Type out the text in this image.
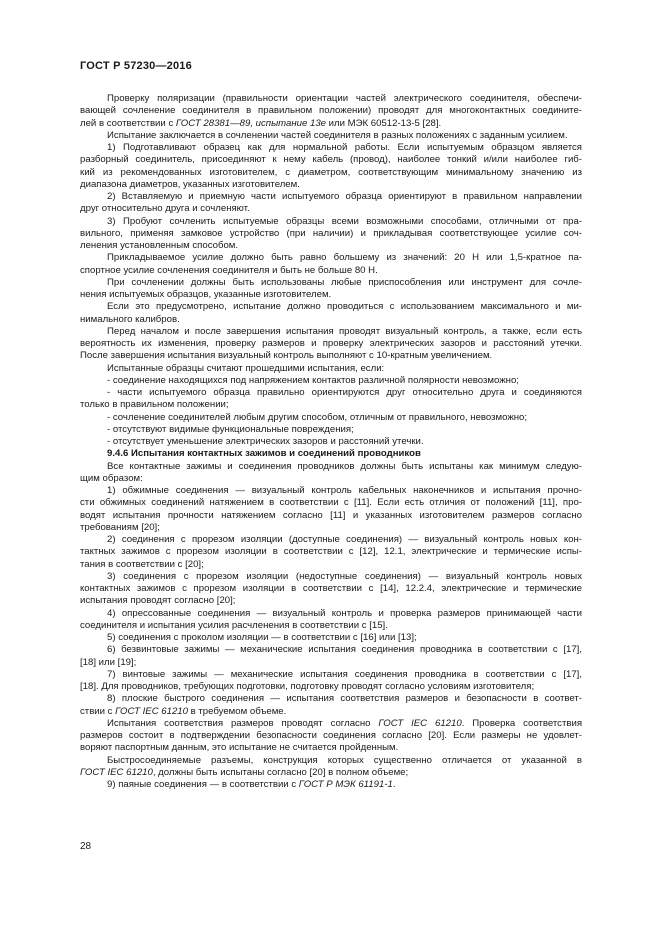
ГОСТ Р 57230—2016
Проверку поляризации (правильности ориентации частей электрического соединителя, обеспечи-
вающей сочленение соединителя в правильном положении) проводят для многоконтактных соедините-
лей в соответствии с ГОСТ 28381—89, испытание 13е или МЭК 60512-13-5 [28].
Испытание заключается в сочленении частей соединителя в разных положениях с заданным усилием.
1) Подготавливают образец как для нормальной работы. Если испытуемым образцом является
разборный соединитель, присоединяют к нему кабель (провод), наиболее тонкий и/или наиболее гиб-
кий из рекомендованных изготовителем, с диаметром, соответствующим минимальному значению из
диапазона диаметров, указанных изготовителем.
2) Вставляемую и приемную части испытуемого образца ориентируют в правильном направлении
друг относительно друга и сочленяют.
3) Пробуют сочленить испытуемые образцы всеми возможными способами, отличными от пра-
вильного, применяя замковое устройство (при наличии) и прикладывая соответствующее усилие соч-
ленения установленным способом.
Прикладываемое усилие должно быть равно большему из значений: 20 Н или 1,5-кратное па-
спортное усилие сочленения соединителя и быть не больше 80 Н.
При сочленении должны быть использованы любые приспособления или инструмент для сочле-
нения испытуемых образцов, указанные изготовителем.
Если это предусмотрено, испытание должно проводиться с использованием максимального и ми-
нимального калибров.
Перед началом и после завершения испытания проводят визуальный контроль, а также, если есть
вероятность их изменения, проверку размеров и проверку электрических зазоров и расстояний утечки.
После завершения испытания визуальный контроль выполняют с 10-кратным увеличением.
Испытанные образцы считают прошедшими испытания, если:
- соединение находящихся под напряжением контактов различной полярности невозможно;
- части испытуемого образца правильно ориентируются друг относительно друга и соединяются
только в правильном положении;
- сочленение соединителей любым другим способом, отличным от правильного, невозможно;
- отсутствуют видимые функциональные повреждения;
- отсутствует уменьшение электрических зазоров и расстояний утечки.
9.4.6 Испытания контактных зажимов и соединений проводников
Все контактные зажимы и соединения проводников должны быть испытаны как минимум следую-
щим образом:
1) обжимные соединения — визуальный контроль кабельных наконечников и испытания прочно-
сти обжимных соединений натяжением в соответствии с [11]. Если есть отличия от положений [11], про-
водят испытания прочности натяжением согласно [11] и указанных изготовителем размеров согласно
требованиям [20];
2) соединения с прорезом изоляции (доступные соединения) — визуальный контроль новых кон-
тактных зажимов с прорезом изоляции в соответствии с [12], 12.1, электрические и термические испы-
тания в соответствии с [20];
3) соединения с прорезом изоляции (недоступные соединения) — визуальный контроль новых
контактных зажимов с прорезом изоляции в соответствии с [14], 12.2.4, электрические и термические
испытания проводят согласно [20];
4) опрессованные соединения — визуальный контроль и проверка размеров принимающей части
соединителя и испытания усилия расчленения в соответствии с [15].
5) соединения с проколом изоляции — в соответствии с [16] или [13];
6) безвинтовые зажимы — механические испытания соединения проводника в соответствии с [17],
[18] или [19];
7) винтовые зажимы — механические испытания соединения проводника в соответствии с [17],
[18]. Для проводников, требующих подготовки, подготовку проводят согласно условиям изготовителя;
8) плоские быстрого соединения — испытания соответствия размеров и безопасности в соответ-
ствии с ГОСТ IEC 61210 в требуемом объеме.
Испытания соответствия размеров проводят согласно ГОСТ IEC 61210. Проверка соответствия
размеров состоит в подтверждении безопасности соединения согласно [20]. Если размеры не удовлет-
воряют паспортным данным, это испытание не считается пройденным.
Быстросоединяемые разъемы, конструкция которых существенно отличается от указанной в
ГОСТ IEC 61210, должны быть испытаны согласно [20] в полном объеме;
9) паяные соединения — в соответствии с ГОСТ Р МЭК 61191-1.
28
